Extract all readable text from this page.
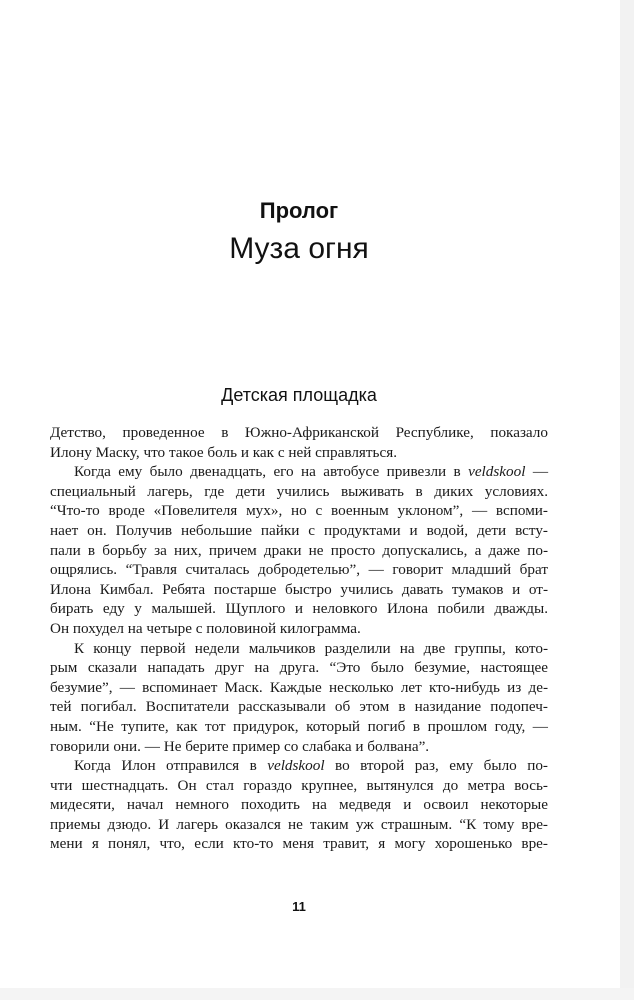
Пролог
Муза огня
Детская площадка
Детство, проведенное в Южно-Африканской Республике, показало
Илону Маску, что такое боль и как с ней справляться.
Когда ему было двенадцать, его на автобусе привезли в veldskool —
специальный лагерь, где дети учились выживать в диких условиях.
“Что-то вроде «Повелителя мух», но с военным уклоном”, — вспоми-
нает он. Получив небольшие пайки с продуктами и водой, дети всту-
пали в борьбу за них, причем драки не просто допускались, а даже по-
ощрялись. “Травля считалась добродетелью”, — говорит младший брат
Илона Кимбал. Ребята постарше быстро учились давать тумаков и от-
бирать еду у малышей. Щуплого и неловкого Илона побили дважды.
Он похудел на четыре с половиной килограмма.
К концу первой недели мальчиков разделили на две группы, кото-
рым сказали нападать друг на друга. “Это было безумие, настоящее
безумие”, — вспоминает Маск. Каждые несколько лет кто-нибудь из де-
тей погибал. Воспитатели рассказывали об этом в назидание подопеч-
ным. “Не тупите, как тот придурок, который погиб в прошлом году, —
говорили они. — Не берите пример со слабака и болвана”.
Когда Илон отправился в veldskool во второй раз, ему было по-
чти шестнадцать. Он стал гораздо крупнее, вытянулся до метра вось-
мидесяти, начал немного походить на медведя и освоил некоторые
приемы дзюдо. И лагерь оказался не таким уж страшным. “К тому вре-
мени я понял, что, если кто-то меня травит, я могу хорошенько вре-
11
